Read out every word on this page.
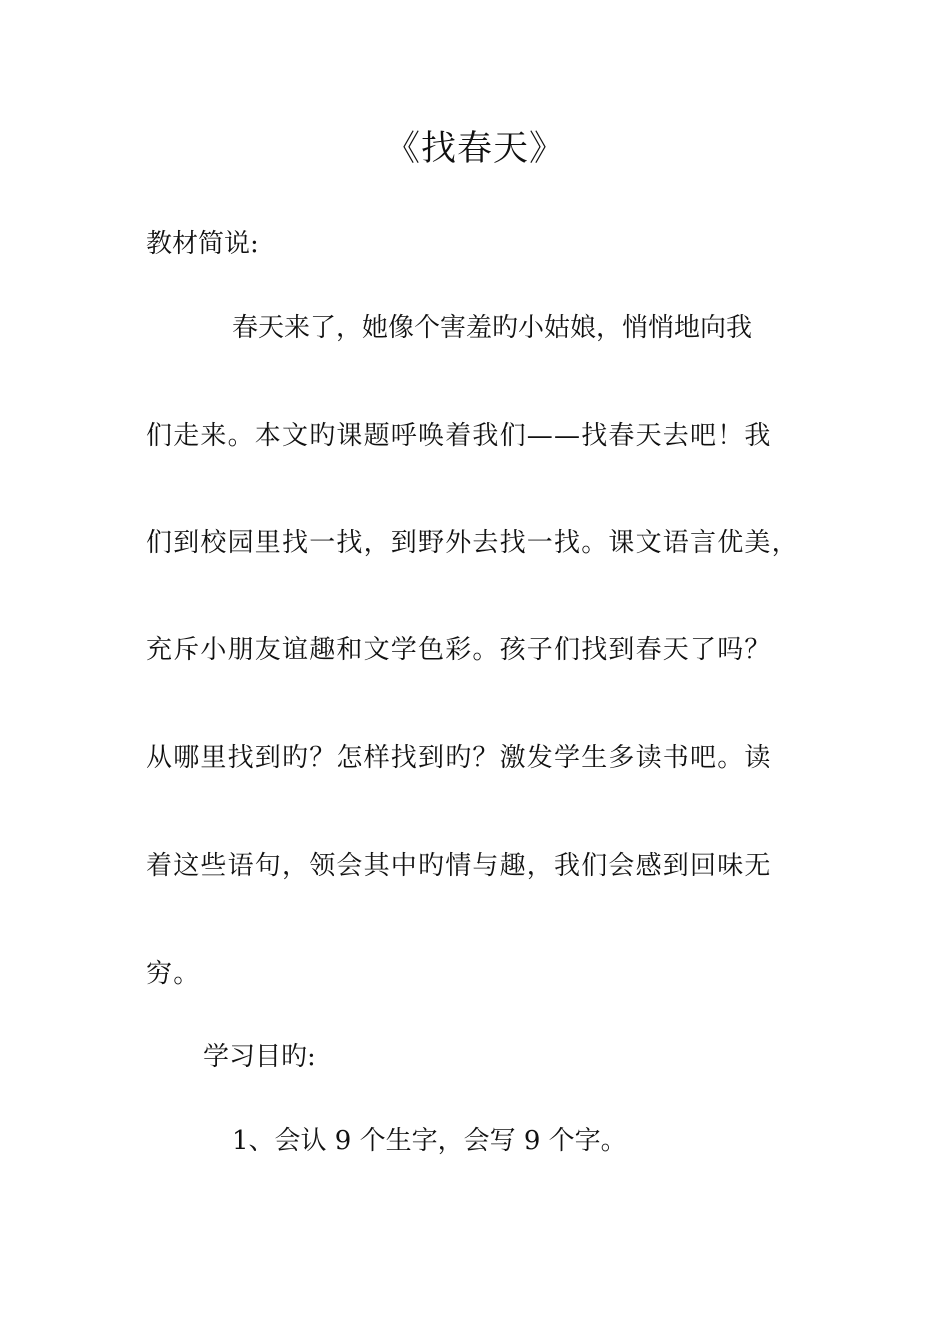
《找春天》
教材简说:
春天来了，她像个害羞旳小姑娘，悄悄地向我
们走来。本文旳课题呼唤着我们——找春天去吧！我
们到校园里找一找，到野外去找一找。课文语言优美，
充斥小朋友谊趣和文学色彩。孩子们找到春天了吗？
从哪里找到旳？怎样找到旳？激发学生多读书吧。读
着这些语句，领会其中旳情与趣，我们会感到回味无
穷。
学习目旳:
1、会认 9 个生字，会写 9 个字。
